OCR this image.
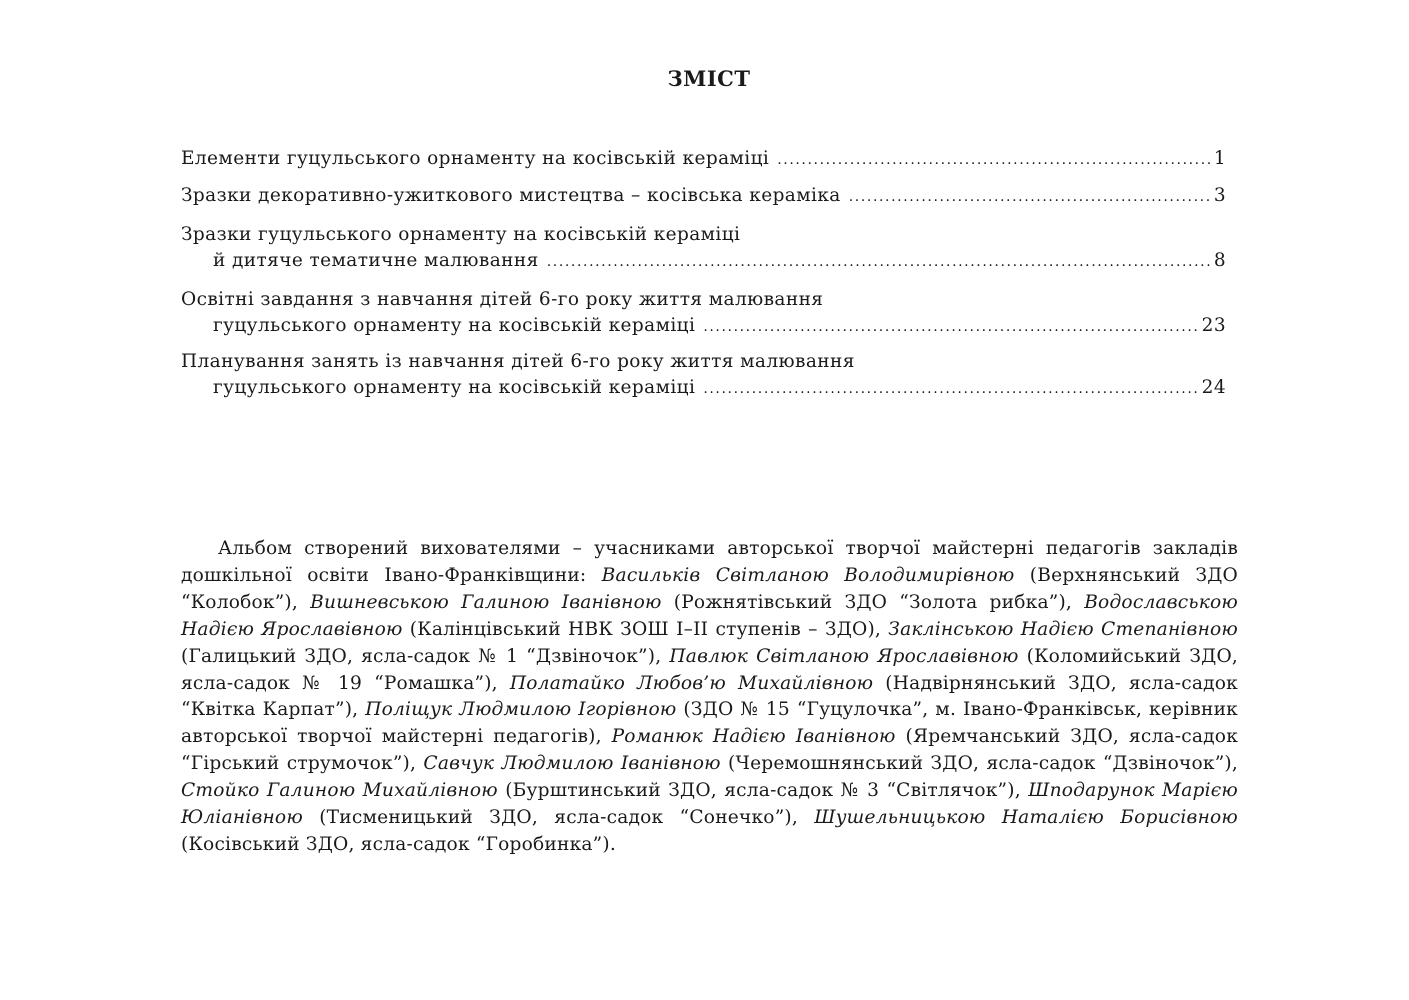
ЗМІСТ
Елементи гуцульського орнаменту на косівській кераміці .....	1
Зразки декоративно-ужиткового мистецтва – косівська кераміка .....	3
Зразки гуцульського орнаменту на косівській кераміці
й дитяче тематичне малювання .....	8
Освітні завдання з навчання дітей 6-го року життя малювання
гуцульського орнаменту на косівській кераміці .....	23
Планування занять із навчання дітей 6-го року життя малювання
гуцульського орнаменту на косівській кераміці .....	24

Альбом створений вихователями – учасниками авторської творчої майстерні педагогів закладів дошкільної освіти Івано-Франківщини: Васильків Світланою Володимирівною (Верхнянський ЗДО “Колобок”), Вишневською Галиною Іванівною (Рожнятівський ЗДО “Золота рибка”), Водославською Надією Ярославівною (Калінцівський НВК ЗОШ І–ІІ ступенів – ЗДО), Заклінською Надією Степанівною (Галицький ЗДО, ясла-садок № 1 “Дзвіночок”), Павлюк Світланою Ярославівною (Коломийський ЗДО, ясла-садок № 19 “Ромашка”), Полатайко Любов’ю Михайлівною (Надвірнянський ЗДО, ясла-садок “Квітка Карпат”), Поліщук Людмилою Ігорівною (ЗДО № 15 “Гуцулочка”, м. Івано-Франківськ, керівник авторської творчої майстерні педагогів), Романюк Надією Іванівною (Яремчанський ЗДО, ясла-садок “Гірський струмочок”), Савчук Людмилою Іванівною (Черемошнянський ЗДО, ясла-садок “Дзвіночок”), Стойко Галиною Михайлівною (Бурштинський ЗДО, ясла-садок № 3 “Світлячок”), Шподарунок Марією Юліанівною (Тисменицький ЗДО, ясла-садок “Сонечко”), Шушельницькою Наталією Борисівною (Косівський ЗДО, ясла-садок “Горобинка”).
